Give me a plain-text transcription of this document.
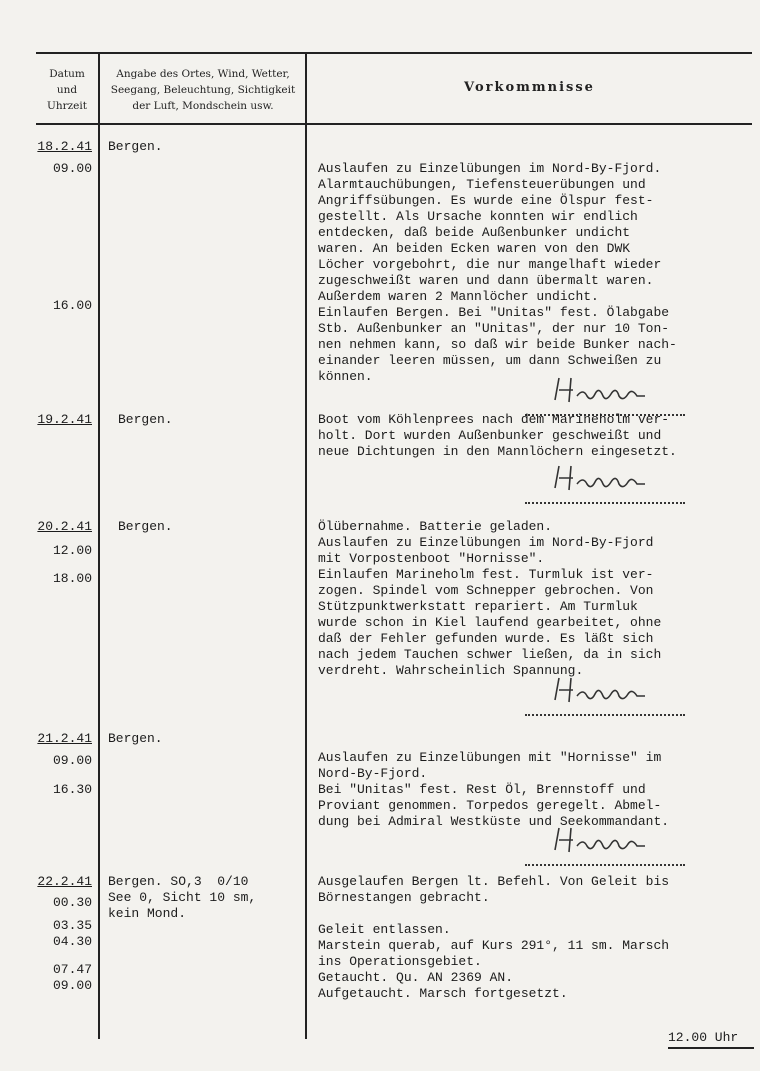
Datum
und
Uhrzeit
Angabe des Ortes, Wind, Wetter,
Seegang, Beleuchtung, Sichtigkeit
der Luft, Mondschein usw.
Vorkommnisse
18.2.41
09.00
16.00
Bergen.
Auslaufen zu Einzelübungen im Nord-By-Fjord.
Alarmtauchübungen, Tiefensteuerübungen und
Angriffsübungen. Es wurde eine Ölspur fest-
gestellt. Als Ursache konnten wir endlich
entdecken, daß beide Außenbunker undicht
waren. An beiden Ecken waren von den DWK
Löcher vorgebohrt, die nur mangelhaft wieder
zugeschweißt waren und dann übermalt waren.
Außerdem waren 2 Mannlöcher undicht.
Einlaufen Bergen. Bei "Unitas" fest. Ölabgabe
Stb. Außenbunker an "Unitas", der nur 10 Ton-
nen nehmen kann, so daß wir beide Bunker nach-
einander leeren müssen, um dann Schweißen zu
können.
19.2.41 Bergen.	Boot vom Köhlenprees nach dem Marineholm ver-
holt. Dort wurden Außenbunker geschweißt und
neue Dichtungen in den Mannlöchern eingesetzt.
20.2.41
12.00
18.00
Bergen.	Ölübernahme. Batterie geladen.
Auslaufen zu Einzelübungen im Nord-By-Fjord
mit Vorpostenboot "Hornisse".
Einlaufen Marineholm fest. Turmluk ist ver-
zogen. Spindel vom Schnepper gebrochen. Von
Stützpunktwerkstatt repariert. Am Turmluk
wurde schon in Kiel laufend gearbeitet, ohne
daß der Fehler gefunden wurde. Es läßt sich
nach jedem Tauchen schwer ließen, da in sich
verdreht. Wahrscheinlich Spannung.
21.2.41
09.00
16.30
Bergen.
Auslaufen zu Einzelübungen mit "Hornisse" im
Nord-By-Fjord.
Bei "Unitas" fest. Rest Öl, Brennstoff und
Proviant genommen. Torpedos geregelt. Abmel-
dung bei Admiral Westküste und Seekommandant.
22.2.41
00.30
03.35
04.30
07.47
09.00
Bergen. SO,3  0/10
See 0, Sicht 10 sm,
kein Mond.
Ausgelaufen Bergen lt. Befehl. Von Geleit bis
Börnestangen gebracht.

Geleit entlassen.
Marstein querab, auf Kurs 291°, 11 sm. Marsch
ins Operationsgebiet.
Getaucht. Qu. AN 2369 AN.
Aufgetaucht. Marsch fortgesetzt.
12.00 Uhr
